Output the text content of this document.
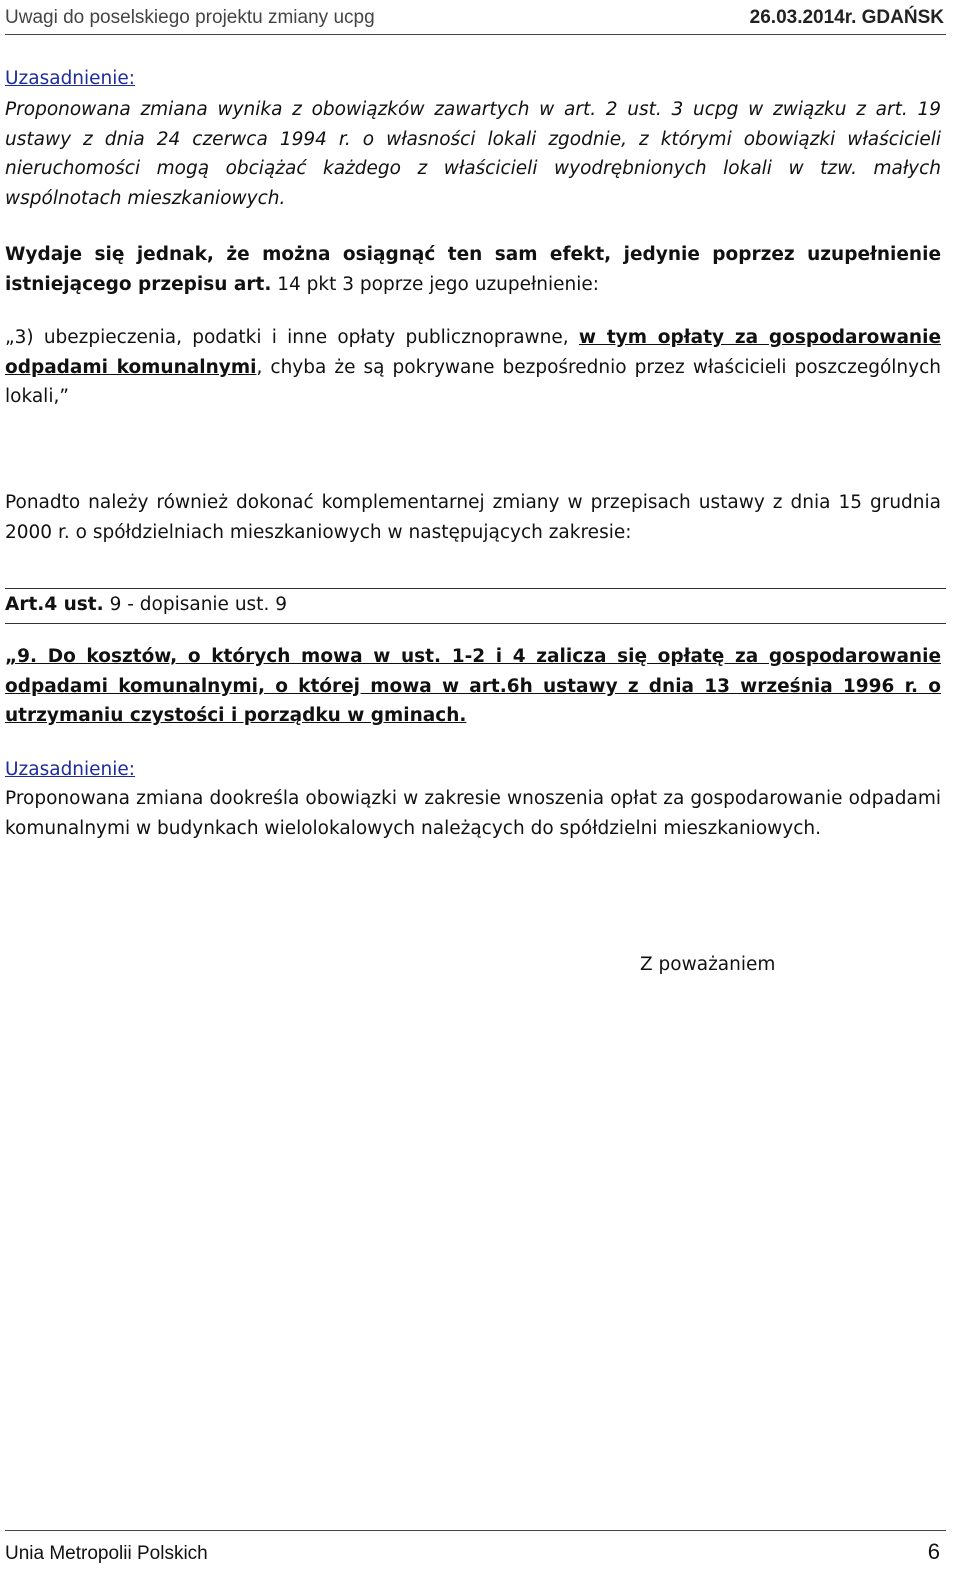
Uwagi do poselskiego projektu zmiany ucpg	26.03.2014r. GDAŃSK
Uzasadnienie:
Proponowana zmiana wynika z obowiązków zawartych w art. 2 ust. 3 ucpg w związku z art. 19 ustawy z dnia 24 czerwca 1994 r. o własności lokali zgodnie, z którymi obowiązki właścicieli nieruchomości mogą obciążać każdego z właścicieli wyodrębnionych lokali w tzw. małych wspólnotach mieszkaniowych.
Wydaje się jednak, że można osiągnąć ten sam efekt, jedynie poprzez uzupełnienie istniejącego przepisu art. 14 pkt 3 poprze jego uzupełnienie:
„3) ubezpieczenia, podatki i inne opłaty publicznoprawne, w tym opłaty za gospodarowanie odpadami komunalnymi, chyba że są pokrywane bezpośrednio przez właścicieli poszczególnych lokali,”
Ponadto należy również dokonać komplementarnej zmiany w przepisach ustawy z dnia 15 grudnia 2000 r. o spółdzielniach mieszkaniowych w następujących zakresie:
Art.4 ust. 9 - dopisanie ust. 9
„9. Do kosztów, o których mowa w ust. 1-2 i 4 zalicza się opłatę za gospodarowanie odpadami komunalnymi, o której mowa w art.6h ustawy z dnia 13 września 1996 r. o utrzymaniu czystości i porządku w gminach.
Uzasadnienie:
Proponowana zmiana dookreśla obowiązki w zakresie wnoszenia opłat za gospodarowanie odpadami komunalnymi w budynkach wielolokalowych należących do spółdzielni mieszkaniowych.
Z poważaniem
Unia Metropolii Polskich	6
